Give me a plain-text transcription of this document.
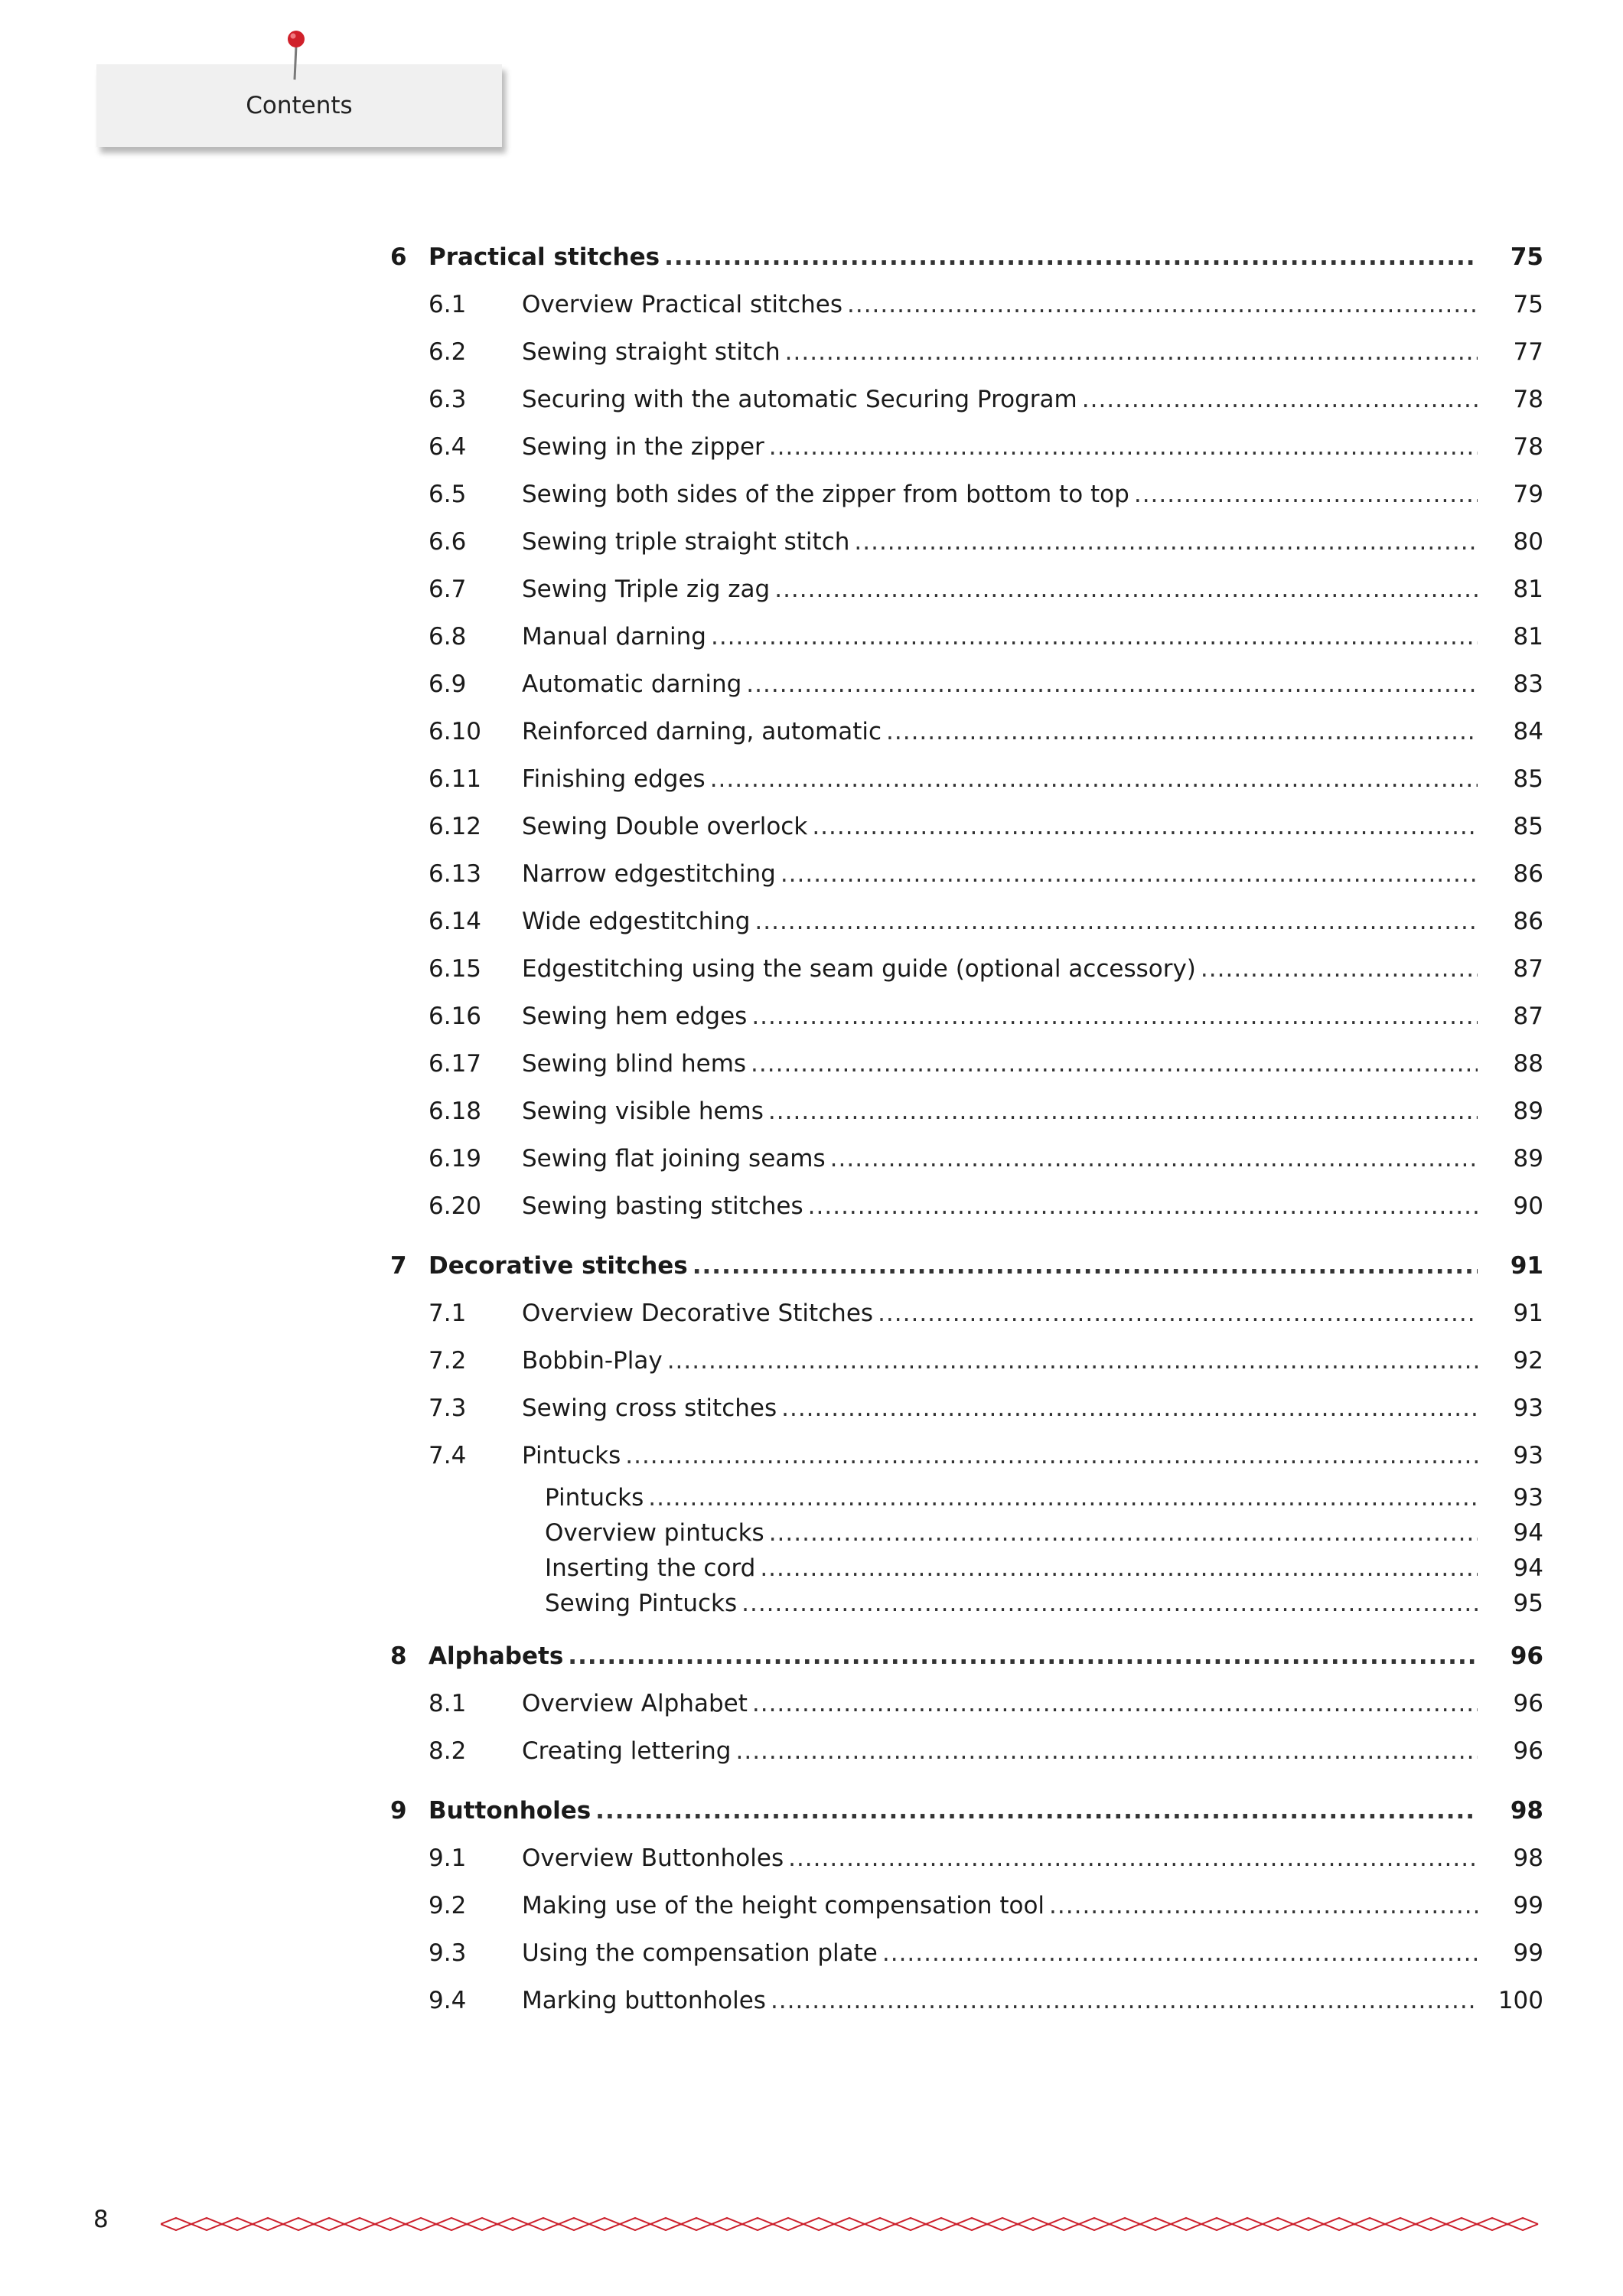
Contents
6 Practical stitches .....	75
6.1	Overview Practical stitches .....	75
6.2	Sewing straight stitch .....	77
6.3	Securing with the automatic Securing Program .....	78
6.4	Sewing in the zipper .....	78
6.5	Sewing both sides of the zipper from bottom to top .....	79
6.6	Sewing triple straight stitch .....	80
6.7	Sewing Triple zig zag .....	81
6.8	Manual darning .....	81
6.9	Automatic darning .....	83
6.10	Reinforced darning, automatic .....	84
6.11	Finishing edges .....	85
6.12	Sewing Double overlock .....	85
6.13	Narrow edgestitching .....	86
6.14	Wide edgestitching .....	86
6.15	Edgestitching using the seam guide (optional accessory) .....	87
6.16	Sewing hem edges .....	87
6.17	Sewing blind hems .....	88
6.18	Sewing visible hems .....	89
6.19	Sewing flat joining seams .....	89
6.20	Sewing basting stitches .....	90
7 Decorative stitches .....	91
7.1	Overview Decorative Stitches .....	91
7.2	Bobbin-Play .....	92
7.3	Sewing cross stitches .....	93
7.4	Pintucks .....	93
Pintucks .....	93
Overview pintucks .....	94
Inserting the cord .....	94
Sewing Pintucks .....	95
8 Alphabets .....	96
8.1	Overview Alphabet .....	96
8.2	Creating lettering .....	96
9 Buttonholes .....	98
9.1	Overview Buttonholes .....	98
9.2	Making use of the height compensation tool .....	99
9.3	Using the compensation plate .....	99
9.4	Marking buttonholes .....	100
8
